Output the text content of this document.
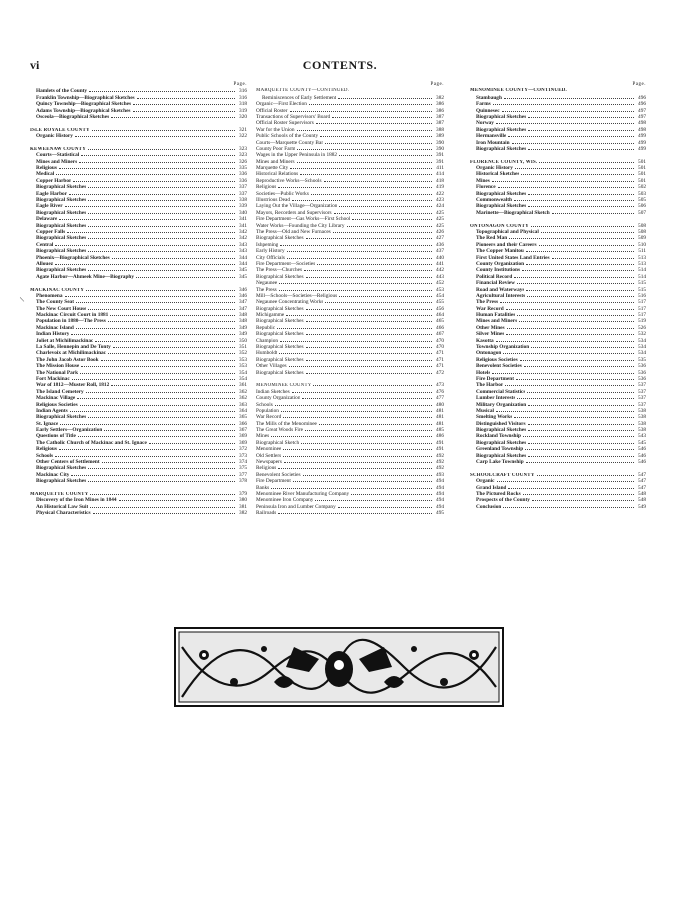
vi	CONTENTS.
\
Page.
Hamlets of the County	316
Franklin Township—Biographical Sketches	316
Quincy Township—Biographical Sketches	318
Adams Township—Biographical Sketches	319
Osceola—Biographical Sketches	320
ISLE ROYALE COUNTY	321
Organic History	322
KEWEENAW COUNTY	323
Courts—Statistical	323
Mines and Miners	326
Religious	335
Medical	336
Copper Harbor	336
Biographical Sketches	337
Eagle Harbor	337
Biographical Sketches	338
Eagle River	339
Biographical Sketches	340
Delaware	341
Biographical Sketches	341
Copper Falls	342
Biographical Sketches	342
Central	343
Biographical Sketches	343
Phoenix—Biographical Sketches	344
Allouez	344
Biographical Sketches	345
Agate Harbor—Ahmeek Mine—Biography	345
MACKINAC COUNTY	346
Phenomena	346
The County Seat	347
The New Court House	347
Mackinac Circuit Court in 1881	348
Population in 1880—The Press	348
Mackinac Island	349
Indian History	349
Joliet at Michilimackinac	350
La Salle, Hennepin and De Tonty	351
Charlevoix at Michilimackinac	352
The John Jacob Astor Book	353
The Mission House	353
The National Park	354
Fort Mackinac	354
War of 1812—Muster Roll, 1812	361
The Island Cemetery	362
Mackinac Village	362
Religious Societies	363
Indian Agents	364
Biographical Sketches	365
St. Ignace	366
Early Settlers—Organization	367
Questions of Title	369
The Catholic Church of Mackinac and St. Ignace	369
Religious	372
Schools	373
Other Centers of Settlement	374
Biographical Sketches	375
Mackinac City	377
Biographical Sketches	378
MARQUETTE COUNTY	379
Discovery of the Iron Mines in 1844	380
An Historical Law Suit	381
Physical Characteristics	382
Page.
MARQUETTE COUNTY—CONTINUED.
Reminiscences of Early Settlement	382
Organic—First Election	386
Official Roster	386
Transactions of Supervisors' Board	387
Official Roster Supervisors	387
War for the Union	388
Public Schools of the County	389
Courts—Marquette County Bar	390
County Poor Farm	390
Wages in the Upper Peninsula in 1882	391
Mines and Miners	391
Marquette City	411
Historical Relations	414
Reproductive Works—Schools	418
Religious	419
Societies—Public Works	422
Illustrious Dead	423
Laying Out the Village—Organization	424
Mayors, Recorders and Supervisors	425
Fire Department—Gas Works—First School	425
Water Works—Founding the City Library	425
The Press—Old and New Furnaces	426
Biographical Sketches	427
Ishpeming	436
Early History	437
City Officials	440
Fire Department—Societies	441
The Press—Churches	442
Biographical Sketches	443
Negaunee	452
The Press	453
Mill—Schools—Societies—Religious	454
Negaunee Concentrating Works	455
Biographical Sketches	456
Michigamme	464
Biographical Sketches	465
Republic	466
Biographical Sketches	467
Champion	470
Biographical Sketches	470
Humboldt	471
Biographical Sketches	471
Other Villages	471
Biographical Sketches	472
MENOMINEE COUNTY	473
Indian Sketches	476
County Organization	477
Schools	480
Population	481
War Record	481
The Mills of the Menominee	481
The Great Woods Fire	485
Mines	486
Biographical Sketch	491
Menominee	491
Old Settlers	492
Newspapers	492
Religious	492
Benevolent Societies	493
Fire Department	494
Banks	494
Menominee River Manufacturing Company	494
Menominee Iron Company	494
Peninsula Iron and Lumber Company	494
Railroads	495
Page.
MENOMINEE COUNTY—CONTINUED.
Stambaugh	496
Farms	496
Quinnesec	497
Biographical Sketches	497
Norway	498
Biographical Sketches	498
Hermansville	499
Iron Mountain	499
Biographical Sketches	499
FLORENCE COUNTY, WIS.	501
Organic History	501
Historical Sketches	501
Mines	501
Florence	502
Biographical Sketches	503
Commonwealth	505
Biographical Sketches	506
Marinette—Biographical Sketch	507
ONTONAGON COUNTY	508
Topographical and Physical	508
The Red Man	509
Pioneers and their Careers	510
The Copper Manitou	511
First United States Land Entries	513
County Organization	513
County Institutions	514
Political Record	514
Financial Review	515
Road and Waterways	515
Agricultural Interests	516
The Press	517
War Record	517
Human Fatalities	517
Mines and Miners	519
Other Mines	526
Silver Mines	532
Kasotta	534
Township Organization	534
Ontonagon	534
Religious Societies	535
Benevolent Societies	536
Hotels	536
Fire Department	536
The Harbor	537
Commercial Statistics	537
Lumber Interests	537
Military Organization	537
Musical	538
Smelting Works	538
Distinguished Visitors	538
Biographical Sketches	538
Rockland Township	543
Biographical Sketches	545
Greenland Township	546
Biographical Sketches	546
Carp Lake Township	546
SCHOOLCRAFT COUNTY	547
Organic	547
Grand Island	547
The Pictured Rocks	548
Prospects of the County	548
Conclusion	549
